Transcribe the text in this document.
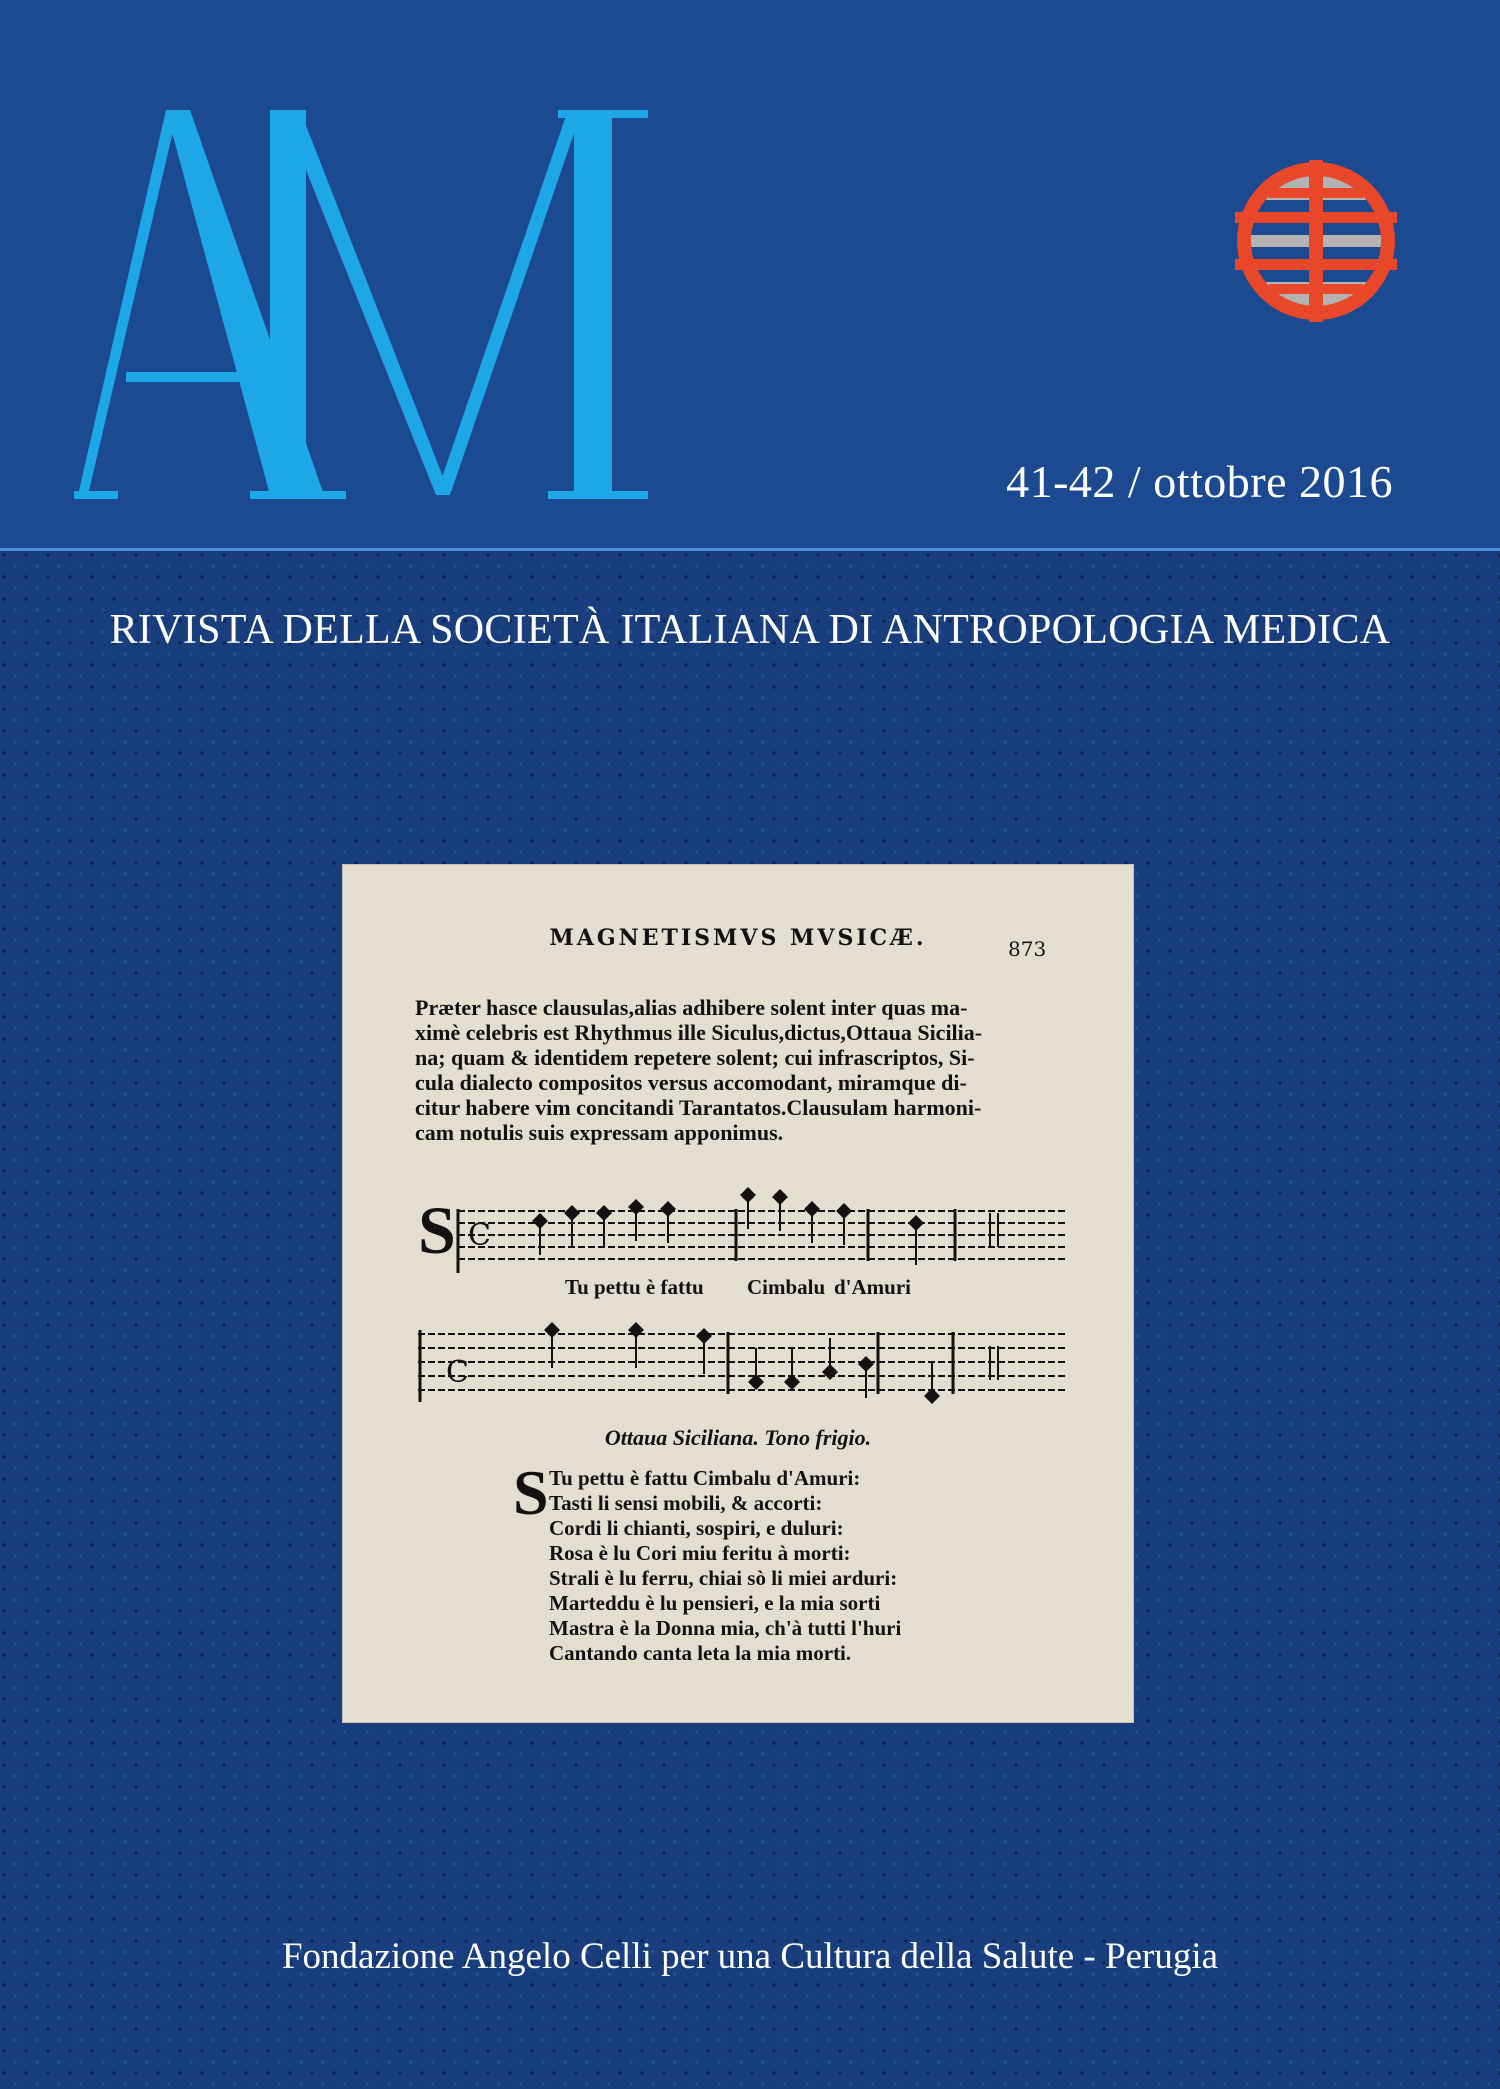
41-42 / ottobre 2016
RIVISTA DELLA SOCIETÀ ITALIANA DI ANTROPOLOGIA MEDICA
MAGNETISMVS MVSICÆ.	873
Præter hasce clausulas,alias adhibere solent inter quas ma-
ximè celebris est Rhythmus ille Siculus,dictus,Ottaua Sicilia-
na; quam & identidem repetere solent; cui infrascriptos, Si-
cula dialecto compositos versus accomodant, miramque di-
citur habere vim concitandi Tarantatos.Clausulam harmoni-
cam notulis suis expressam apponimus.
S C
Tu pettu è fattu Cimbalu d'Amuri
C
Ottaua Siciliana. Tono frigio.
S Tu pettu è fattu Cimbalu d'Amuri:
Tasti li sensi mobili, & accorti:
Cordi li chianti, sospiri, e duluri:
Rosa è lu Cori miu feritu à morti:
Strali è lu ferru, chiai sò li miei arduri:
Marteddu è lu pensieri, e la mia sorti
Mastra è la Donna mia, ch'à tutti l'huri
Cantando canta leta la mia morti.
Fondazione Angelo Celli per una Cultura della Salute - Perugia
